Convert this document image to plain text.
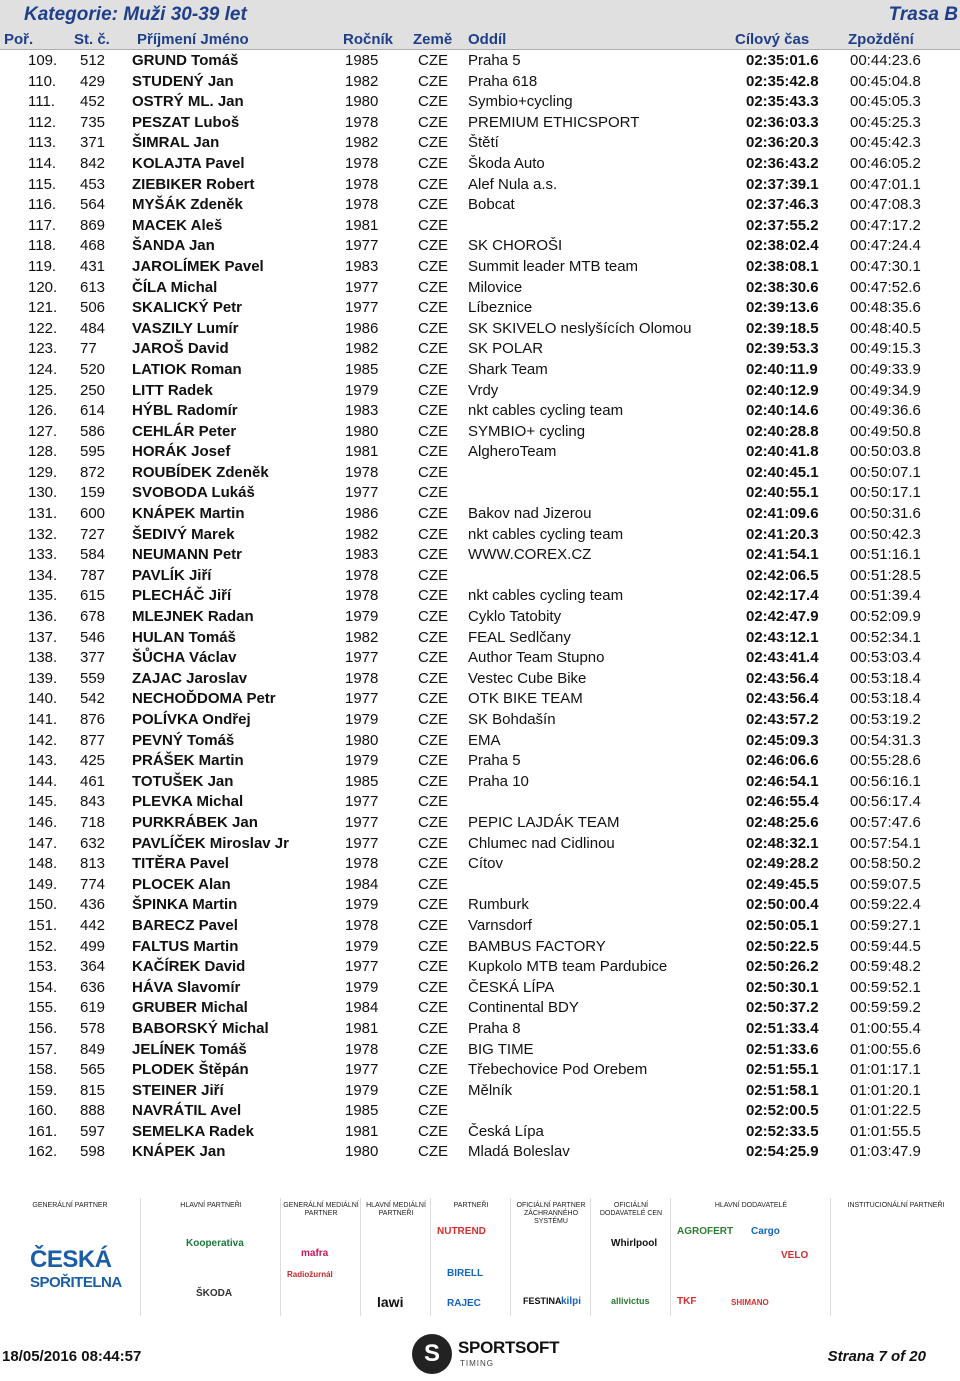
Kategorie: Muži 30-39 let	Trasa B
Poř.	St. č. Příjmení Jméno	Ročník Země Oddíl	Cílový čas	Zpoždění
109. 512 GRUND Tomáš	1985	CZE Praha 5	02:35:01.6 00:44:23.6
110. 429 STUDENÝ Jan	1982	CZE Praha 618	02:35:42.8 00:45:04.8
111. 452 OSTRÝ ML. Jan	1980	CZE Symbio+cycling	02:35:43.3 00:45:05.3
112. 735 PESZAT Luboš	1978	CZE PREMIUM ETHICSPORT	02:36:03.3 00:45:25.3
113. 371 ŠIMRAL Jan	1982	CZE Štětí	02:36:20.3 00:45:42.3
114. 842 KOLAJTA Pavel	1978	CZE Škoda Auto	02:36:43.2 00:46:05.2
115. 453 ZIEBIKER Robert	1978	CZE Alef Nula a.s.	02:37:39.1 00:47:01.1
116. 564 MYŠÁK Zdeněk	1978	CZE Bobcat	02:37:46.3 00:47:08.3
117. 869 MACEK Aleš	1981	CZE	02:37:55.2 00:47:17.2
118. 468 ŠANDA Jan	1977	CZE SK CHOROŠI	02:38:02.4 00:47:24.4
119. 431 JAROLÍMEK Pavel	1983	CZE Summit leader MTB team	02:38:08.1 00:47:30.1
120. 613 ČÍLA Michal	1977	CZE Milovice	02:38:30.6 00:47:52.6
121. 506 SKALICKÝ Petr	1977	CZE Líbeznice	02:39:13.6 00:48:35.6
122. 484 VASZILY Lumír	1986	CZE SK SKIVELO neslyšících Olomou	02:39:18.5 00:48:40.5
123. 77 JAROŠ David	1982	CZE SK POLAR	02:39:53.3 00:49:15.3
124. 520 LATIOK Roman	1985	CZE Shark Team	02:40:11.9 00:49:33.9
125. 250 LITT Radek	1979	CZE Vrdy	02:40:12.9 00:49:34.9
126. 614 HÝBL Radomír	1983	CZE nkt cables cycling team	02:40:14.6 00:49:36.6
127. 586 CEHLÁR Peter	1980	CZE SYMBIO+ cycling	02:40:28.8 00:49:50.8
128. 595 HORÁK Josef	1981	CZE AlgheroTeam	02:40:41.8 00:50:03.8
129. 872 ROUBÍDEK Zdeněk	1978	CZE	02:40:45.1 00:50:07.1
130. 159 SVOBODA Lukáš	1977	CZE	02:40:55.1 00:50:17.1
131. 600 KNÁPEK Martin	1986	CZE Bakov nad Jizerou	02:41:09.6 00:50:31.6
132. 727 ŠEDIVÝ Marek	1982	CZE nkt cables cycling team	02:41:20.3 00:50:42.3
133. 584 NEUMANN Petr	1983	CZE WWW.COREX.CZ	02:41:54.1 00:51:16.1
134. 787 PAVLÍK Jiří	1978	CZE	02:42:06.5 00:51:28.5
135. 615 PLECHÁČ Jiří	1978	CZE nkt cables cycling team	02:42:17.4 00:51:39.4
136. 678 MLEJNEK Radan	1979	CZE Cyklo Tatobity	02:42:47.9 00:52:09.9
137. 546 HULAN Tomáš	1982	CZE FEAL Sedlčany	02:43:12.1 00:52:34.1
138. 377 ŠŮCHA Václav	1977	CZE Author Team Stupno	02:43:41.4 00:53:03.4
139. 559 ZAJAC Jaroslav	1978	CZE Vestec Cube Bike	02:43:56.4 00:53:18.4
140. 542 NECHOĎDOMA Petr	1977	CZE OTK BIKE TEAM	02:43:56.4 00:53:18.4
141. 876 POLÍVKA Ondřej	1979	CZE SK Bohdašín	02:43:57.2 00:53:19.2
142. 877 PEVNÝ Tomáš	1980	CZE EMA	02:45:09.3 00:54:31.3
143. 425 PRÁŠEK Martin	1979	CZE Praha 5	02:46:06.6 00:55:28.6
144. 461 TOTUŠEK Jan	1985	CZE Praha 10	02:46:54.1 00:56:16.1
145. 843 PLEVKA Michal	1977	CZE	02:46:55.4 00:56:17.4
146. 718 PURKRÁBEK Jan	1977	CZE PEPIC LAJDÁK TEAM	02:48:25.6 00:57:47.6
147. 632 PAVLÍČEK Miroslav Jr	1977	CZE Chlumec nad Cidlinou	02:48:32.1 00:57:54.1
148. 813 TITĚRA Pavel	1978	CZE Cítov	02:49:28.2 00:58:50.2
149. 774 PLOCEK Alan	1984	CZE	02:49:45.5 00:59:07.5
150. 436 ŠPINKA Martin	1979	CZE Rumburk	02:50:00.4 00:59:22.4
151. 442 BARECZ Pavel	1978	CZE Varnsdorf	02:50:05.1 00:59:27.1
152. 499 FALTUS Martin	1979	CZE BAMBUS FACTORY	02:50:22.5 00:59:44.5
153. 364 KAČÍREK David	1977	CZE Kupkolo MTB team Pardubice	02:50:26.2 00:59:48.2
154. 636 HÁVA Slavomír	1979	CZE ČESKÁ LÍPA	02:50:30.1 00:59:52.1
155. 619 GRUBER Michal	1984	CZE Continental BDY	02:50:37.2 00:59:59.2
156. 578 BABORSKÝ Michal	1981	CZE Praha 8	02:51:33.4 01:00:55.4
157. 849 JELÍNEK Tomáš	1978	CZE BIG TIME	02:51:33.6 01:00:55.6
158. 565 PLODEK Štěpán	1977	CZE Třebechovice Pod Orebem	02:51:55.1 01:01:17.1
159. 815 STEINER Jiří	1979	CZE Mělník	02:51:58.1 01:01:20.1
160. 888 NAVRÁTIL Avel	1985	CZE	02:52:00.5 01:01:22.5
161. 597 SEMELKA Radek	1981	CZE Česká Lípa	02:52:33.5 01:01:55.5
162. 598 KNÁPEK Jan	1980	CZE Mladá Boleslav	02:54:25.9 01:03:47.9
GENERÁLNÍ PARTNER
ČESKÁ
SPOŘITELNA
HLAVNÍ PARTNEŘI
Kooperativa
ŠKODA
GENERÁLNÍ MEDIÁLNÍ PARTNER
mafra
Radiožurnál
HLAVNÍ MEDIÁLNÍ PARTNEŘI
lawi
PARTNEŘI
NUTREND
BIRELL
RAJEC
OFICIÁLNÍ PARTNER ZÁCHRANNÉHO SYSTÉMU
FESTINA
OFICIÁLNÍ DODAVATELÉ CEN
Whirlpool
kilpi	allivictus
HLAVNÍ DODAVATELÉ
AGROFERT Cargo
TKF
VELO
SHIMANO
INSTITUCIONÁLNÍ PARTNEŘI
18/05/2016 08:44:57	S	SPORTSOFT
TIMING	Strana 7 of 20
